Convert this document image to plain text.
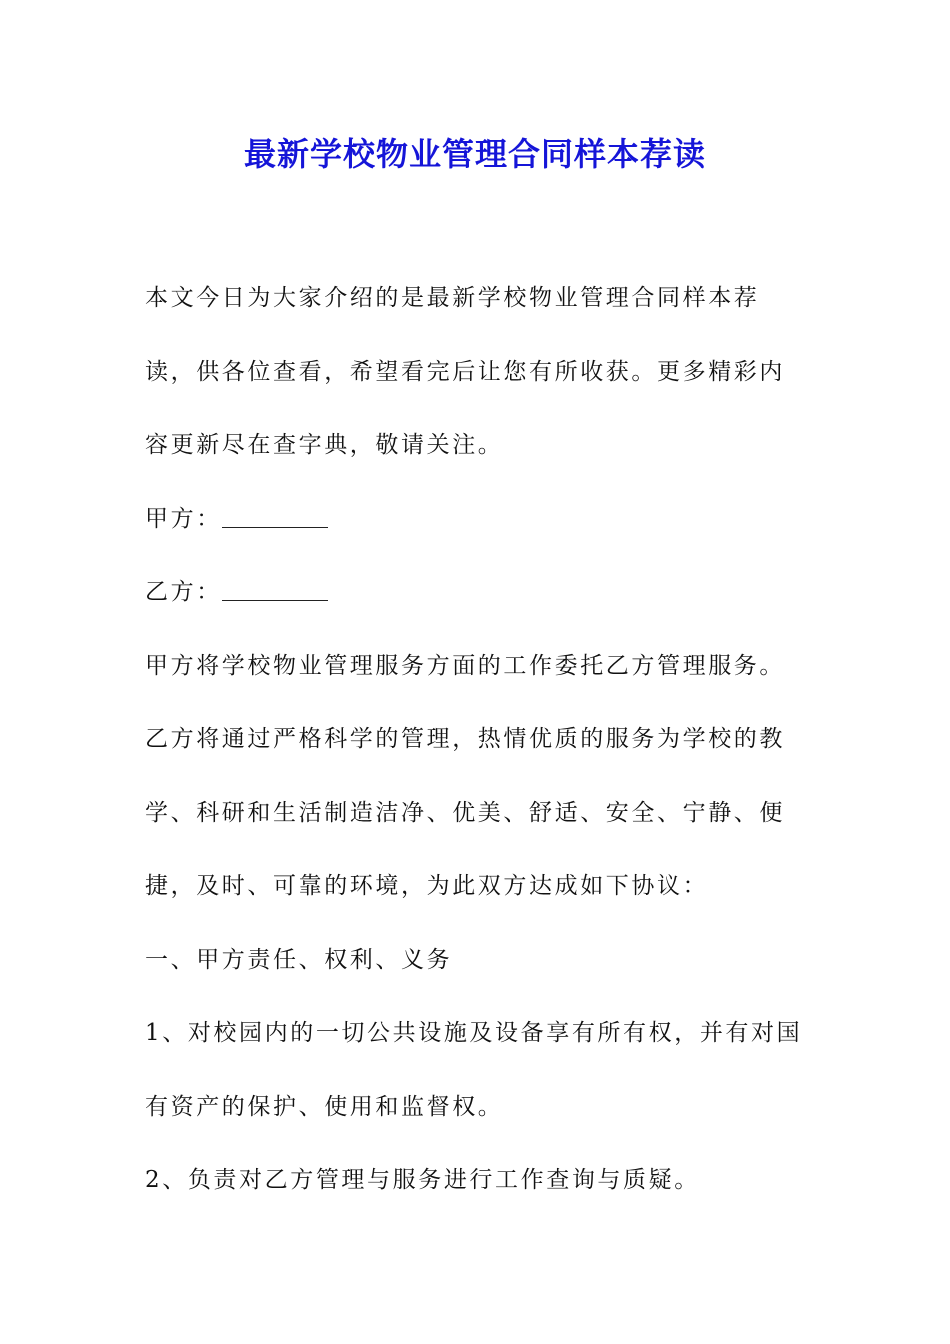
最新学校物业管理合同样本荐读

本文今日为大家介绍的是最新学校物业管理合同样本荐读，供各位查看，希望看完后让您有所收获。更多精彩内容更新尽在查字典，敬请关注。

甲方：

乙方：

甲方将学校物业管理服务方面的工作委托乙方管理服务。乙方将通过严格科学的管理，热情优质的服务为学校的教学、科研和生活制造洁净、优美、舒适、安全、宁静、便捷，及时、可靠的环境，为此双方达成如下协议：

一、甲方责任、权利、义务

1、对校园内的一切公共设施及设备享有所有权，并有对国有资产的保护、使用和监督权。

2、负责对乙方管理与服务进行工作查询与质疑。
